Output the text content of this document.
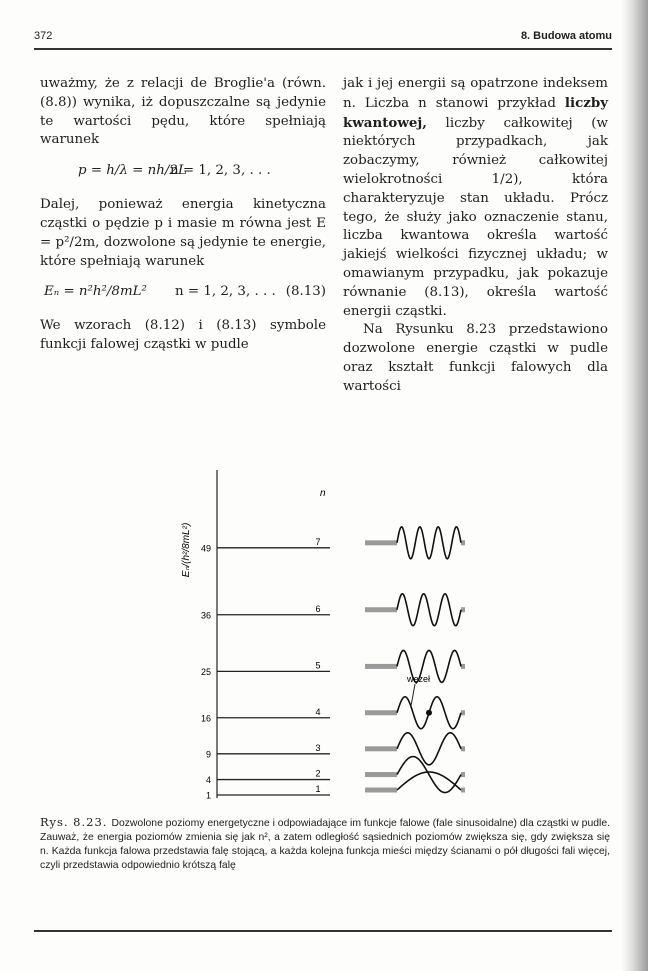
372	8. Budowa atomu

uważmy, że z relacji de Broglie'a (równ. (8.8)) wynika, iż dopuszczalne są jedynie te wartości pędu, które spełniają warunek

p = h/λ = nh/2L
n = 1, 2, 3, . . .

Dalej, ponieważ energia kinetyczna cząstki o pędzie p i masie m równa jest E = p²/2m, dozwolone są jedynie te energie, które spełniają warunek

Eₙ = n²h²/8mL² n = 1, 2, 3, . . . (8.13)

We wzorach (8.12) i (8.13) symbole funkcji falowej cząstki w pudle

jak i jej energii są opatrzone indeksem n. Liczba n stanowi przykład liczby kwantowej, liczby całkowitej (w niektórych przypadkach, jak zobaczymy, również całkowitej wielokrotności 1/2), która charakteryzuje stan układu. Prócz tego, że służy jako oznaczenie stanu, liczba kwantowa określa wartość jakiejś wielkości fizycznej układu; w omawianym przypadku, jak pokazuje równanie (8.13), określa wartość energii cząstki.

Na Rysunku 8.23 przedstawiono dozwolone energie cząstki w pudle oraz kształt funkcji falowych dla wartości

1
1
4
2
9
3
16
4
25
5
36
6
49
7
Eₙ/(h²/8mL²)
n
węzeł
Rys. 8.23. Dozwolone poziomy energetyczne i odpowiadające im funkcje falowe (fale sinusoidalne) dla cząstki w pudle. Zauważ, że energia poziomów zmienia się jak n², a zatem odległość sąsiednich poziomów zwiększa się, gdy zwiększa się n. Każda funkcja falowa przedstawia falę stojącą, a każda kolejna funkcja mieści między ścianami o pół długości fali więcej, czyli przedstawia odpowiednio krótszą falę
